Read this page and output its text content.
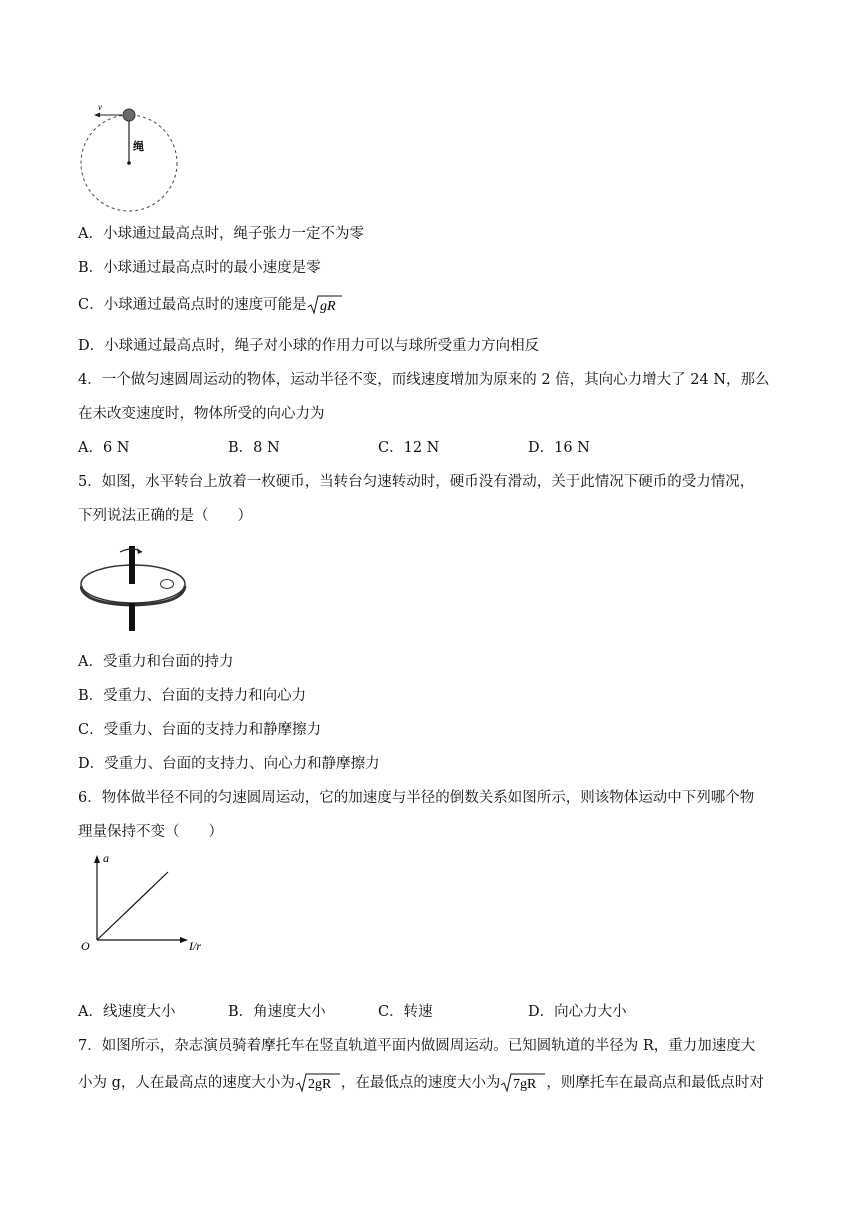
v
绳
A．小球通过最高点时，绳子张力一定不为零
B．小球通过最高点时的最小速度是零
C．小球通过最高点时的速度可能是 gR
D．小球通过最高点时，绳子对小球的作用力可以与球所受重力方向相反
4．一个做匀速圆周运动的物体，运动半径不变，而线速度增加为原来的 2 倍，其向心力增大了 24 N，那么
在未改变速度时，物体所受的向心力为
A．6 N	B．8 N	C．12 N	D．16 N
5．如图，水平转台上放着一枚硬币，当转台匀速转动时，硬币没有滑动，关于此情况下硬币的受力情况，
下列说法正确的是（　　）
A．受重力和台面的持力
B．受重力、台面的支持力和向心力
C．受重力、台面的支持力和静摩擦力
D．受重力、台面的支持力、向心力和静摩擦力
6．物体做半径不同的匀速圆周运动，它的加速度与半径的倒数关系如图所示，则该物体运动中下列哪个物
理量保持不变（　　）
a
I/r
O
A．线速度大小	B．角速度大小	C．转速	D．向心力大小
7．如图所示，杂志演员骑着摩托车在竖直轨道平面内做圆周运动。已知圆轨道的半径为 R，重力加速度大
小为 g，人在最高点的速度大小为 2gR ，在最低点的速度大小为 7gR ，则摩托车在最高点和最低点时对
